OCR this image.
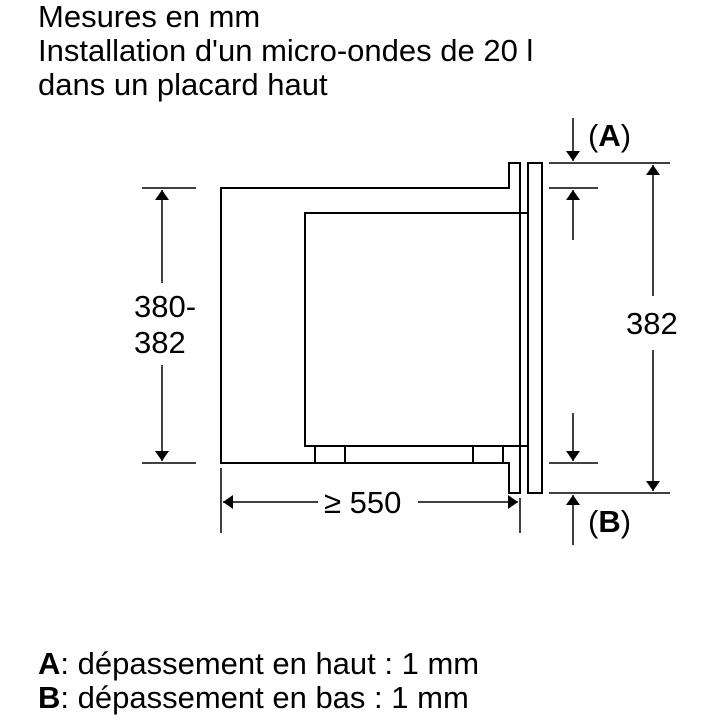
Mesures en mm
Installation d'un micro-ondes de 20 l
dans un placard haut
380-
382
≥ 550
(A)
(B)
382
A: dépassement en haut : 1 mm
B: dépassement en bas : 1 mm
